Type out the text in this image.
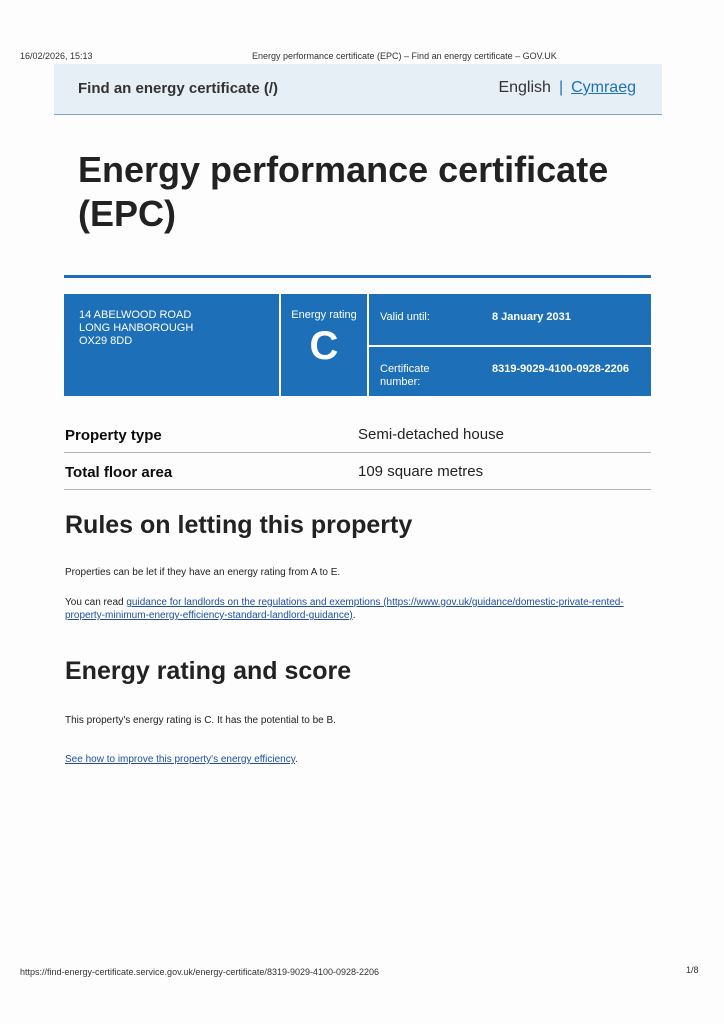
16/02/2026, 15:13	Energy performance certificate (EPC) – Find an energy certificate – GOV.UK
Find an energy certificate (/)	English | Cymraeg
Energy performance certificate (EPC)
14 ABELWOOD ROAD
LONG HANBOROUGH
OX29 8DD
Energy rating
C
Valid until:	8 January 2031
Certificate number:
8319-9029-4100-0928-2206
Property type	Semi-detached house
Total floor area	109 square metres
Rules on letting this property
Properties can be let if they have an energy rating from A to E.
You can read guidance for landlords on the regulations and exemptions (https://www.gov.uk/guidance/domestic-private-rented-property-minimum-energy-efficiency-standard-landlord-guidance).
Energy rating and score
This property's energy rating is C. It has the potential to be B.
See how to improve this property's energy efficiency.
https://find-energy-certificate.service.gov.uk/energy-certificate/8319-9029-4100-0928-2206	1/8
